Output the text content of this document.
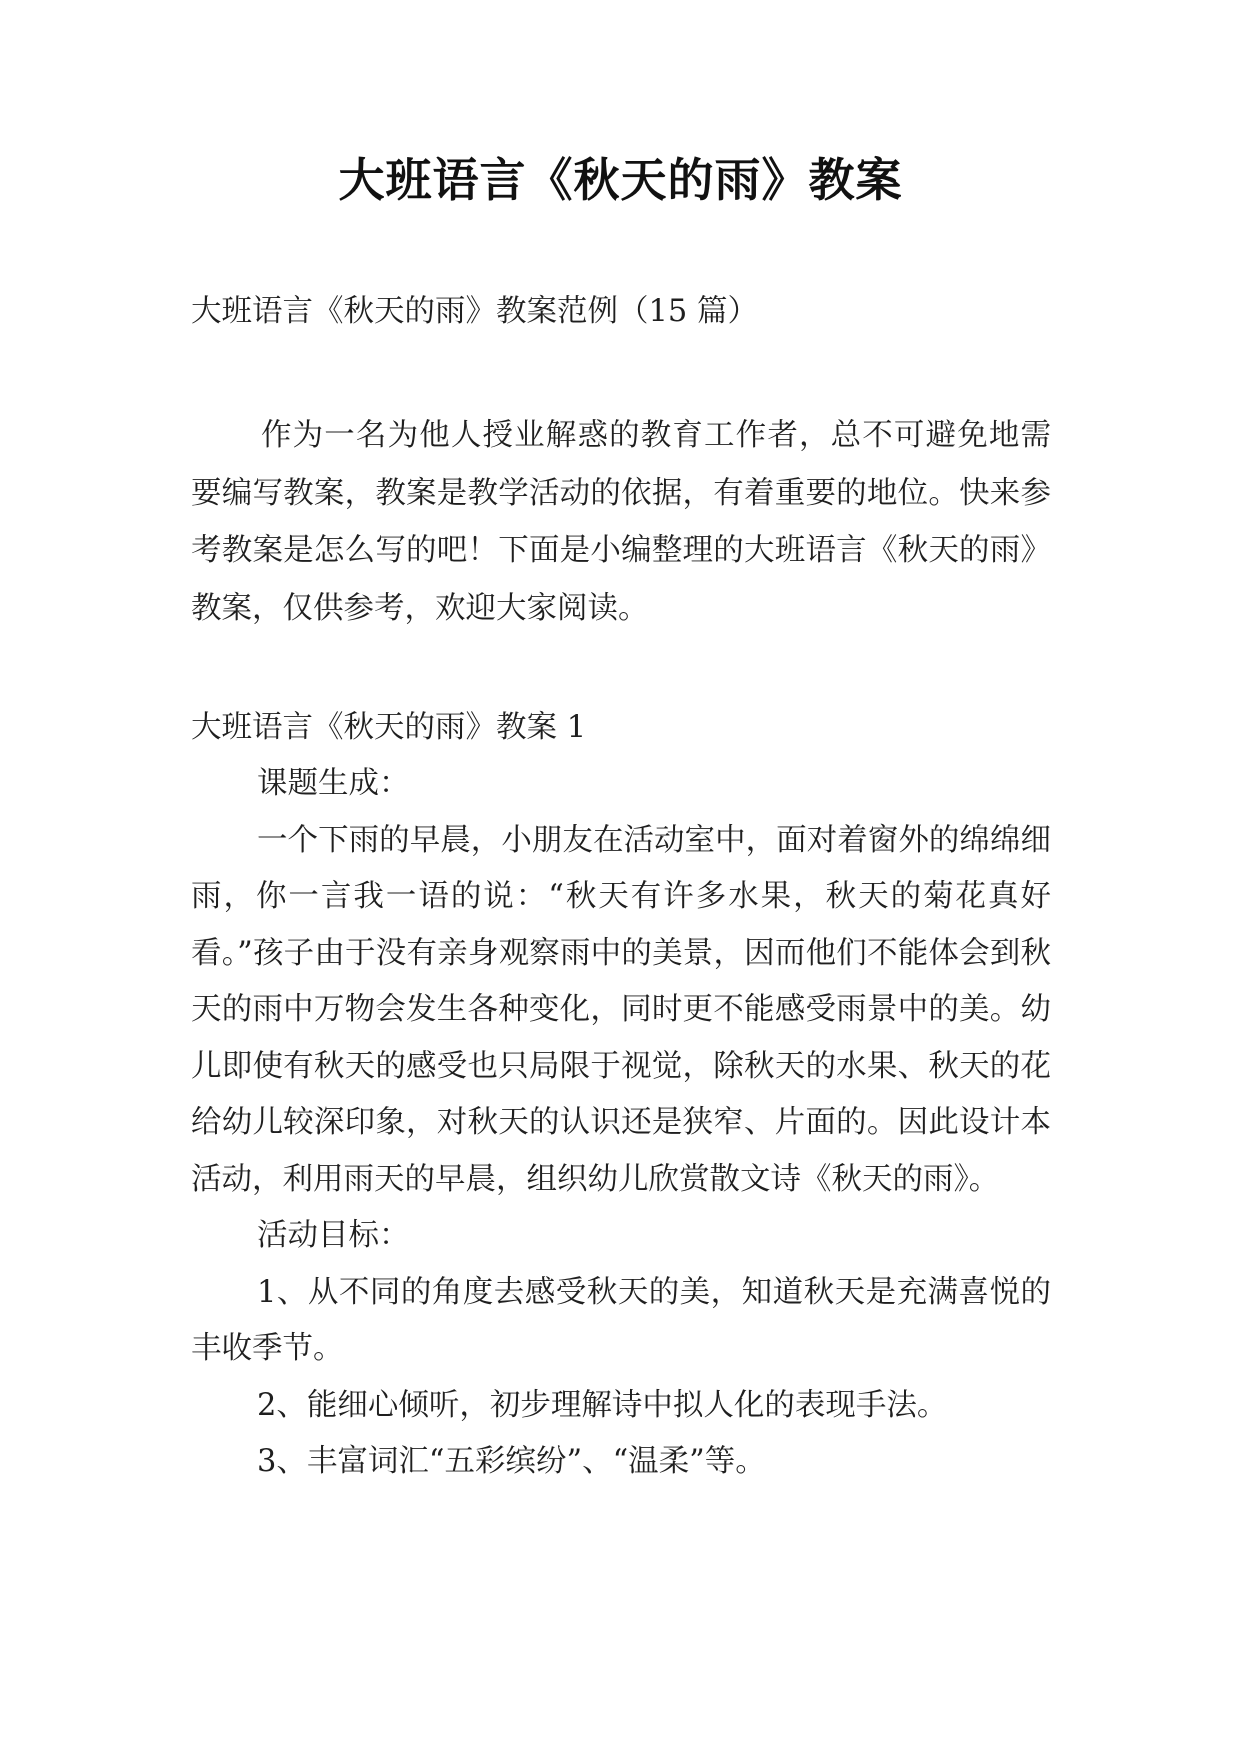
大班语言《秋天的雨》教案
大班语言《秋天的雨》教案范例（15 篇）

作为一名为他人授业解惑的教育工作者，总不可避免地需要编写教案，教案是教学活动的依据，有着重要的地位。快来参考教案是怎么写的吧！下面是小编整理的大班语言《秋天的雨》教案，仅供参考，欢迎大家阅读。

大班语言《秋天的雨》教案 1

课题生成：

一个下雨的早晨，小朋友在活动室中，面对着窗外的绵绵细雨，你一言我一语的说：“秋天有许多水果，秋天的菊花真好看。”孩子由于没有亲身观察雨中的美景，因而他们不能体会到秋天的雨中万物会发生各种变化，同时更不能感受雨景中的美。幼儿即使有秋天的感受也只局限于视觉，除秋天的水果、秋天的花给幼儿较深印象，对秋天的认识还是狭窄、片面的。因此设计本活动，利用雨天的早晨，组织幼儿欣赏散文诗《秋天的雨》。

活动目标：

1、从不同的角度去感受秋天的美，知道秋天是充满喜悦的丰收季节。

2、能细心倾听，初步理解诗中拟人化的表现手法。

3、丰富词汇“五彩缤纷”、“温柔”等。
